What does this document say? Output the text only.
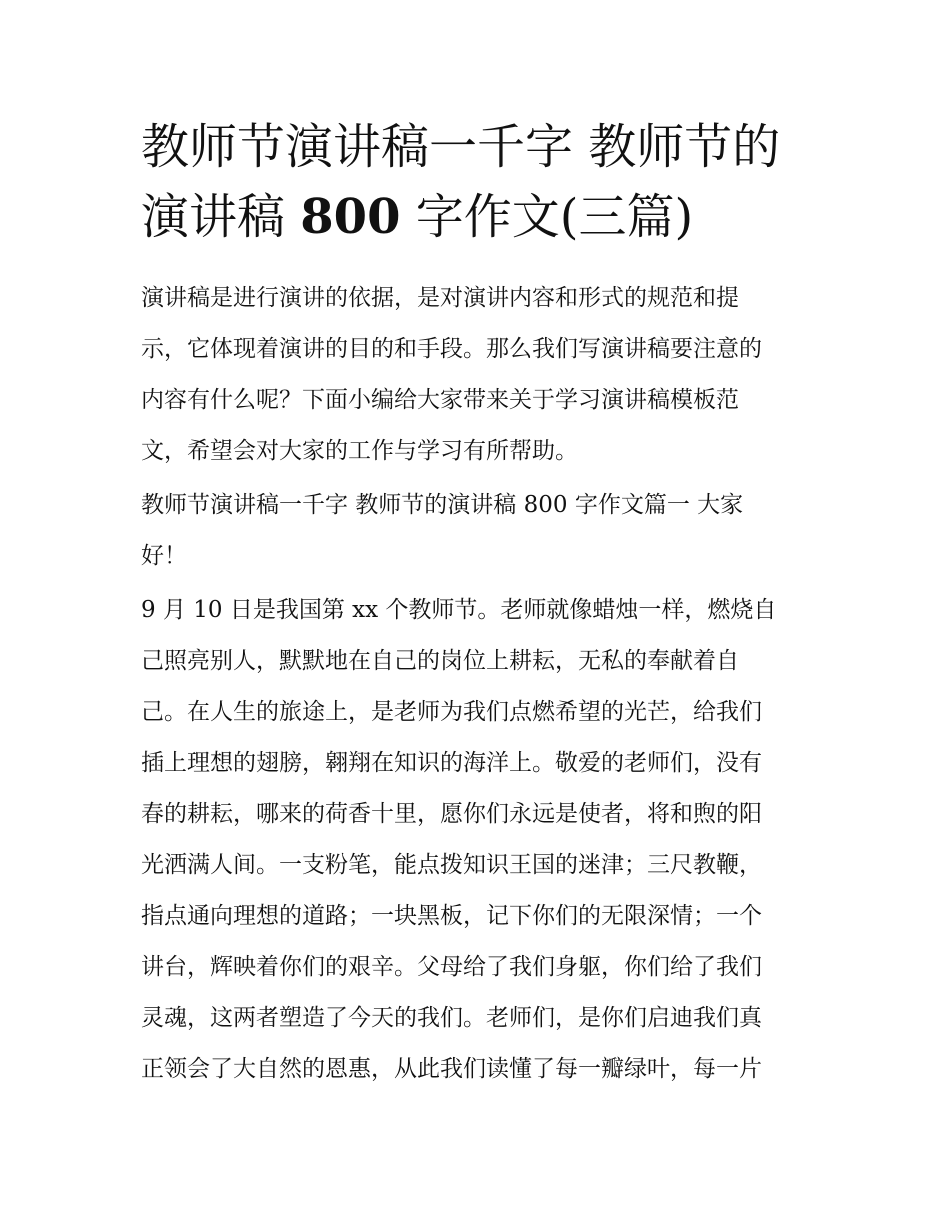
教师节演讲稿一千字 教师节的
演讲稿 800 字作文(三篇)

演讲稿是进行演讲的依据，是对演讲内容和形式的规范和提
示，它体现着演讲的目的和手段。那么我们写演讲稿要注意的
内容有什么呢？下面小编给大家带来关于学习演讲稿模板范
文，希望会对大家的工作与学习有所帮助。

教师节演讲稿一千字 教师节的演讲稿 800 字作文篇一 大家
好！

9 月 10 日是我国第 xx 个教师节。老师就像蜡烛一样，燃烧自
己照亮别人，默默地在自己的岗位上耕耘，无私的奉献着自
己。在人生的旅途上，是老师为我们点燃希望的光芒，给我们
插上理想的翅膀，翱翔在知识的海洋上。敬爱的老师们，没有
春的耕耘，哪来的荷香十里，愿你们永远是使者，将和煦的阳
光洒满人间。一支粉笔，能点拨知识王国的迷津；三尺教鞭，
指点通向理想的道路；一块黑板，记下你们的无限深情；一个
讲台，辉映着你们的艰辛。父母给了我们身躯，你们给了我们
灵魂，这两者塑造了今天的我们。老师们，是你们启迪我们真
正领会了大自然的恩惠，从此我们读懂了每一瓣绿叶，每一片
